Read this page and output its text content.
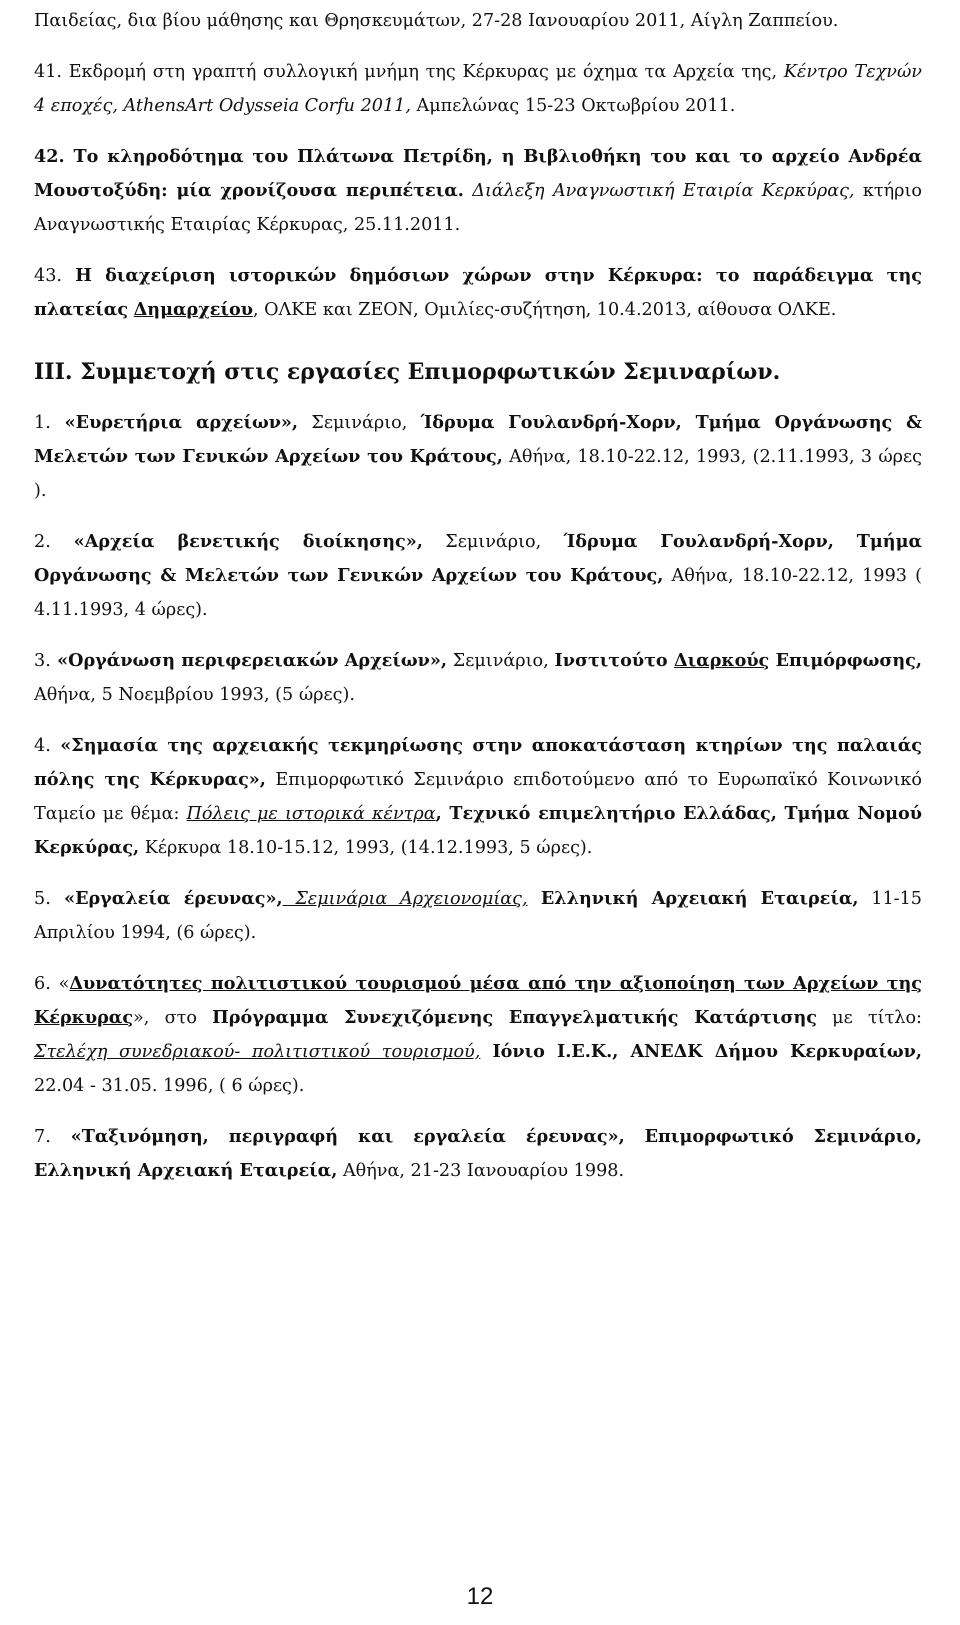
Παιδείας, δια βίου μάθησης και Θρησκευμάτων, 27-28 Ιανουαρίου 2011, Αίγλη Ζαππείου.

41. Εκδρομή στη γραπτή συλλογική μνήμη της Κέρκυρας με όχημα τα Αρχεία της, Κέντρο Τεχνών 4 εποχές, AthensArt Odysseia Corfu 2011, Αμπελώνας 15-23 Οκτωβρίου 2011.

42. Το κληροδότημα του Πλάτωνα Πετρίδη, η Βιβλιοθήκη του και το αρχείο Ανδρέα Μουστοξύδη: μία χρονίζουσα περιπέτεια. Διάλεξη Αναγνωστική Εταιρία Κερκύρας, κτήριο Αναγνωστικής Εταιρίας Κέρκυρας, 25.11.2011.

43. Η διαχείριση ιστορικών δημόσιων χώρων στην Κέρκυρα: το παράδειγμα της πλατείας Δημαρχείου, ΟΛΚΕ και ΖΕΟΝ, Ομιλίες-συζήτηση, 10.4.2013, αίθουσα ΟΛΚΕ.

ΙΙΙ. Συμμετοχή στις εργασίες Επιμορφωτικών Σεμιναρίων.

1. «Ευρετήρια αρχείων», Σεμινάριο, Ίδρυμα Γουλανδρή-Χορν, Τμήμα Οργάνωσης & Μελετών των Γενικών Αρχείων του Κράτους, Αθήνα, 18.10-22.12, 1993, (2.11.1993, 3 ώρες ).

2. «Αρχεία βενετικής διοίκησης», Σεμινάριο, Ίδρυμα Γουλανδρή-Χορν, Τμήμα Οργάνωσης & Μελετών των Γενικών Αρχείων του Κράτους, Αθήνα, 18.10-22.12, 1993 ( 4.11.1993, 4 ώρες).

3. «Οργάνωση περιφερειακών Αρχείων», Σεμινάριο, Ινστιτούτο Διαρκούς Επιμόρφωσης, Αθήνα, 5 Νοεμβρίου 1993, (5 ώρες).

4. «Σημασία της αρχειακής τεκμηρίωσης στην αποκατάσταση κτηρίων της παλαιάς πόλης της Κέρκυρας», Επιμορφωτικό Σεμινάριο επιδοτούμενο από το Ευρωπαϊκό Κοινωνικό Ταμείο με θέμα: Πόλεις με ιστορικά κέντρα, Τεχνικό επιμελητήριο Ελλάδας, Τμήμα Νομού Κερκύρας, Κέρκυρα 18.10-15.12, 1993, (14.12.1993, 5 ώρες).

5. «Εργαλεία έρευνας», Σεμινάρια Αρχειονομίας, Ελληνική Αρχειακή Εταιρεία, 11-15 Απριλίου 1994, (6 ώρες).

6. «Δυνατότητες πολιτιστικού τουρισμού μέσα από την αξιοποίηση των Αρχείων της Κέρκυρας», στο Πρόγραμμα Συνεχιζόμενης Επαγγελματικής Κατάρτισης με τίτλο: Στελέχη συνεδριακού- πολιτιστικού τουρισμού, Ιόνιο Ι.Ε.Κ., ΑΝΕΔΚ Δήμου Κερκυραίων, 22.04 - 31.05. 1996, ( 6 ώρες).

7. «Ταξινόμηση, περιγραφή και εργαλεία έρευνας», Επιμορφωτικό Σεμινάριο, Ελληνική Αρχειακή Εταιρεία, Αθήνα, 21-23 Ιανουαρίου 1998.

12
